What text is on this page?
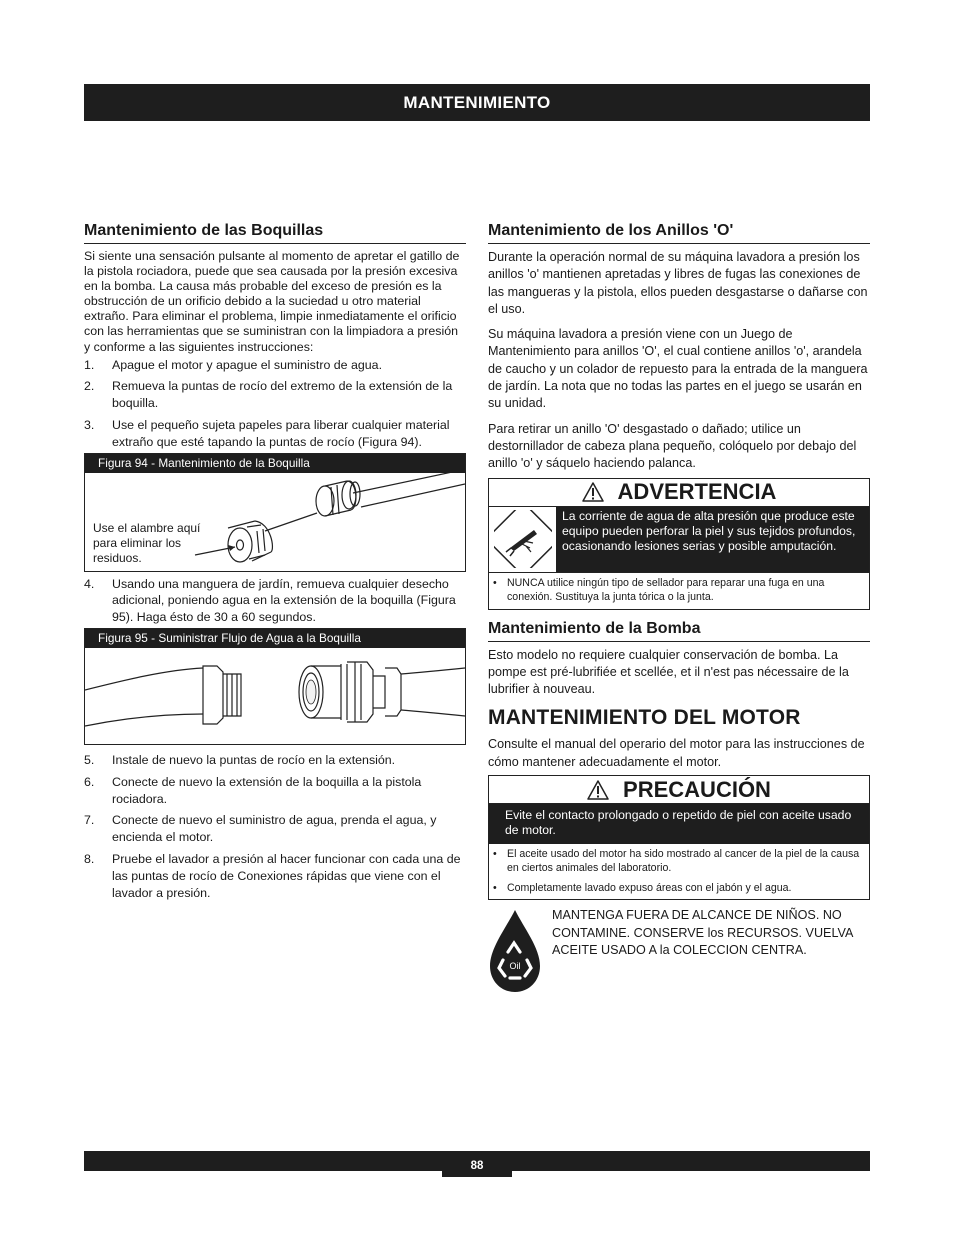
MANTENIMIENTO
Mantenimiento de las Boquillas

Si siente una sensación pulsante al momento de apretar el gatillo de la pistola rociadora, puede que sea causada por la presión excesiva en la bomba. La causa más probable del exceso de presión es la obstrucción de un orificio debido a la suciedad u otro material extraño. Para eliminar el problema, limpie inmediatamente el orificio con las herramientas que se suministran con la limpiadora a presión y conforme a las siguientes instrucciones:

1. Apague el motor y apague el suministro de agua.
2. Remueva la puntas de rocío del extremo de la extensión de la boquilla.
3. Use el pequeño sujeta papeles para liberar cualquier material extraño que esté tapando la puntas de rocío (Figura 94).
Figura 94 - Mantenimiento de la Boquilla
Use el alambre aquí para eliminar los residuos.
4. Usando una manguera de jardín, remueva cualquier desecho adicional, poniendo agua en la extensión de la boquilla (Figura 95). Haga ésto de 30 a 60 segundos.
Figura 95 - Suministrar Flujo de Agua a la Boquilla
5. Instale de nuevo la puntas de rocío en la extensión.
6. Conecte de nuevo la extensión de la boquilla a la pistola rociadora.
7. Conecte de nuevo el suministro de agua, prenda el agua, y encienda el motor.
8. Pruebe el lavador a presión al hacer funcionar con cada una de las puntas de rocío de Conexiones rápidas que viene con el lavador a presión.
Mantenimiento de los Anillos 'O'

Durante la operación normal de su máquina lavadora a presión los anillos 'o' mantienen apretadas y libres de fugas las conexiones de las mangueras y la pistola, ellos pueden desgastarse o dañarse con el uso.

Su máquina lavadora a presión viene con un Juego de Mantenimiento para anillos 'O', el cual contiene anillos 'o', arandela de caucho y un colador de repuesto para la entrada de la manguera de jardín. La nota que no todas las partes en el juego se usarán en su unidad.

Para retirar un anillo 'O' desgastado o dañado; utilice un destornillador de cabeza plana pequeño, colóquelo por debajo del anillo 'o' y sáquelo haciendo palanca.

ADVERTENCIA
La corriente de agua de alta presión que produce este equipo pueden perforar la piel y sus tejidos profundos, ocasionando lesiones serias y posible amputación.
• NUNCA utilice ningún tipo de sellador para reparar una fuga en una conexión. Sustituya la junta tórica o la junta.
Mantenimiento de la Bomba

Esto modelo no requiere cualquier conservación de bomba. La pompe est pré-lubrifiée et scellée, et il n'est pas nécessaire de la lubrifier à nouveau.

MANTENIMIENTO DEL MOTOR

Consulte el manual del operario del motor para las instrucciones de cómo mantener adecuadamente el motor.

PRECAUCIÓN
Evite el contacto prolongado o repetido de piel con aceite usado de motor.
• El aceite usado del motor ha sido mostrado al cancer de la piel de la causa en ciertos animales del laboratorio.
• Completamente lavado expuso áreas con el jabón y el agua.
Oil
MANTENGA FUERA DE ALCANCE DE NIÑOS. NO CONTAMINE. CONSERVE los RECURSOS. VUELVA ACEITE USADO A la COLECCION CENTRA.
88
